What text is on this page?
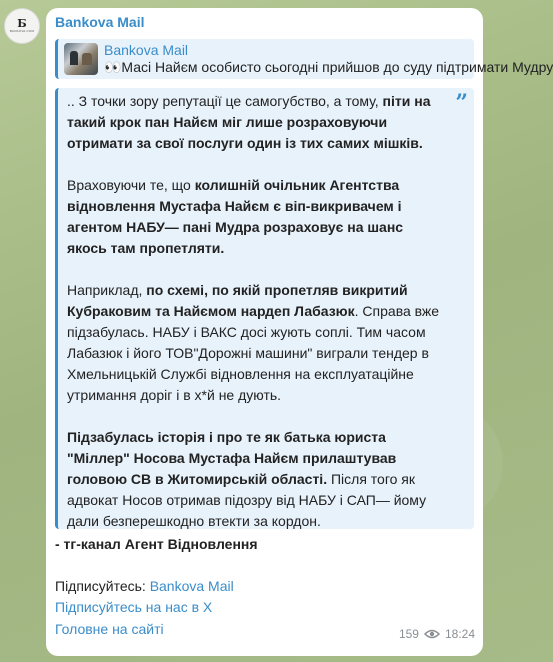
Б
BANKOVA.COM
Bankova Mail
Bankova Mail
👀Масі Найєм особисто сьогодні прийшов до суду підтримати Мудру
”

.. З точки зору репутації це самогубство, а тому, піти на такий крок пан Найєм міг лише розраховуючи отримати за свої послуги один із тих самих мішків.

Враховуючи те, що колишній очільник Агентства відновлення Мустафа Найєм є віп-викривачем і агентом НАБУ— пані Мудра розраховує на шанс якось там пропетляти.

Наприклад, по схемі, по якій пропетляв викритий Кубраковим та Найємом нардеп Лабазюк. Справа вже підзабулась. НАБУ і ВАКС досі жують соплі. Тим часом Лабазюк і його ТОВ"Дорожні машини" виграли тендер в Хмельницькій Службі відновлення на експлуатаційне утримання доріг і в х*й не дують.

Підзабулась історія і про те як батька юриста "Міллер" Носова Мустафа Найєм прилаштував головою СВ в Житомирській області. Після того як адвокат Носов отримав підозру від НАБУ і САП— йому дали безперешкодно втекти за кордон.

- тг-канал Агент Відновлення
Підписуйтесь: Bankova Mail
Підписуйтесь на нас в Х
Головне на сайті	159 18:24
